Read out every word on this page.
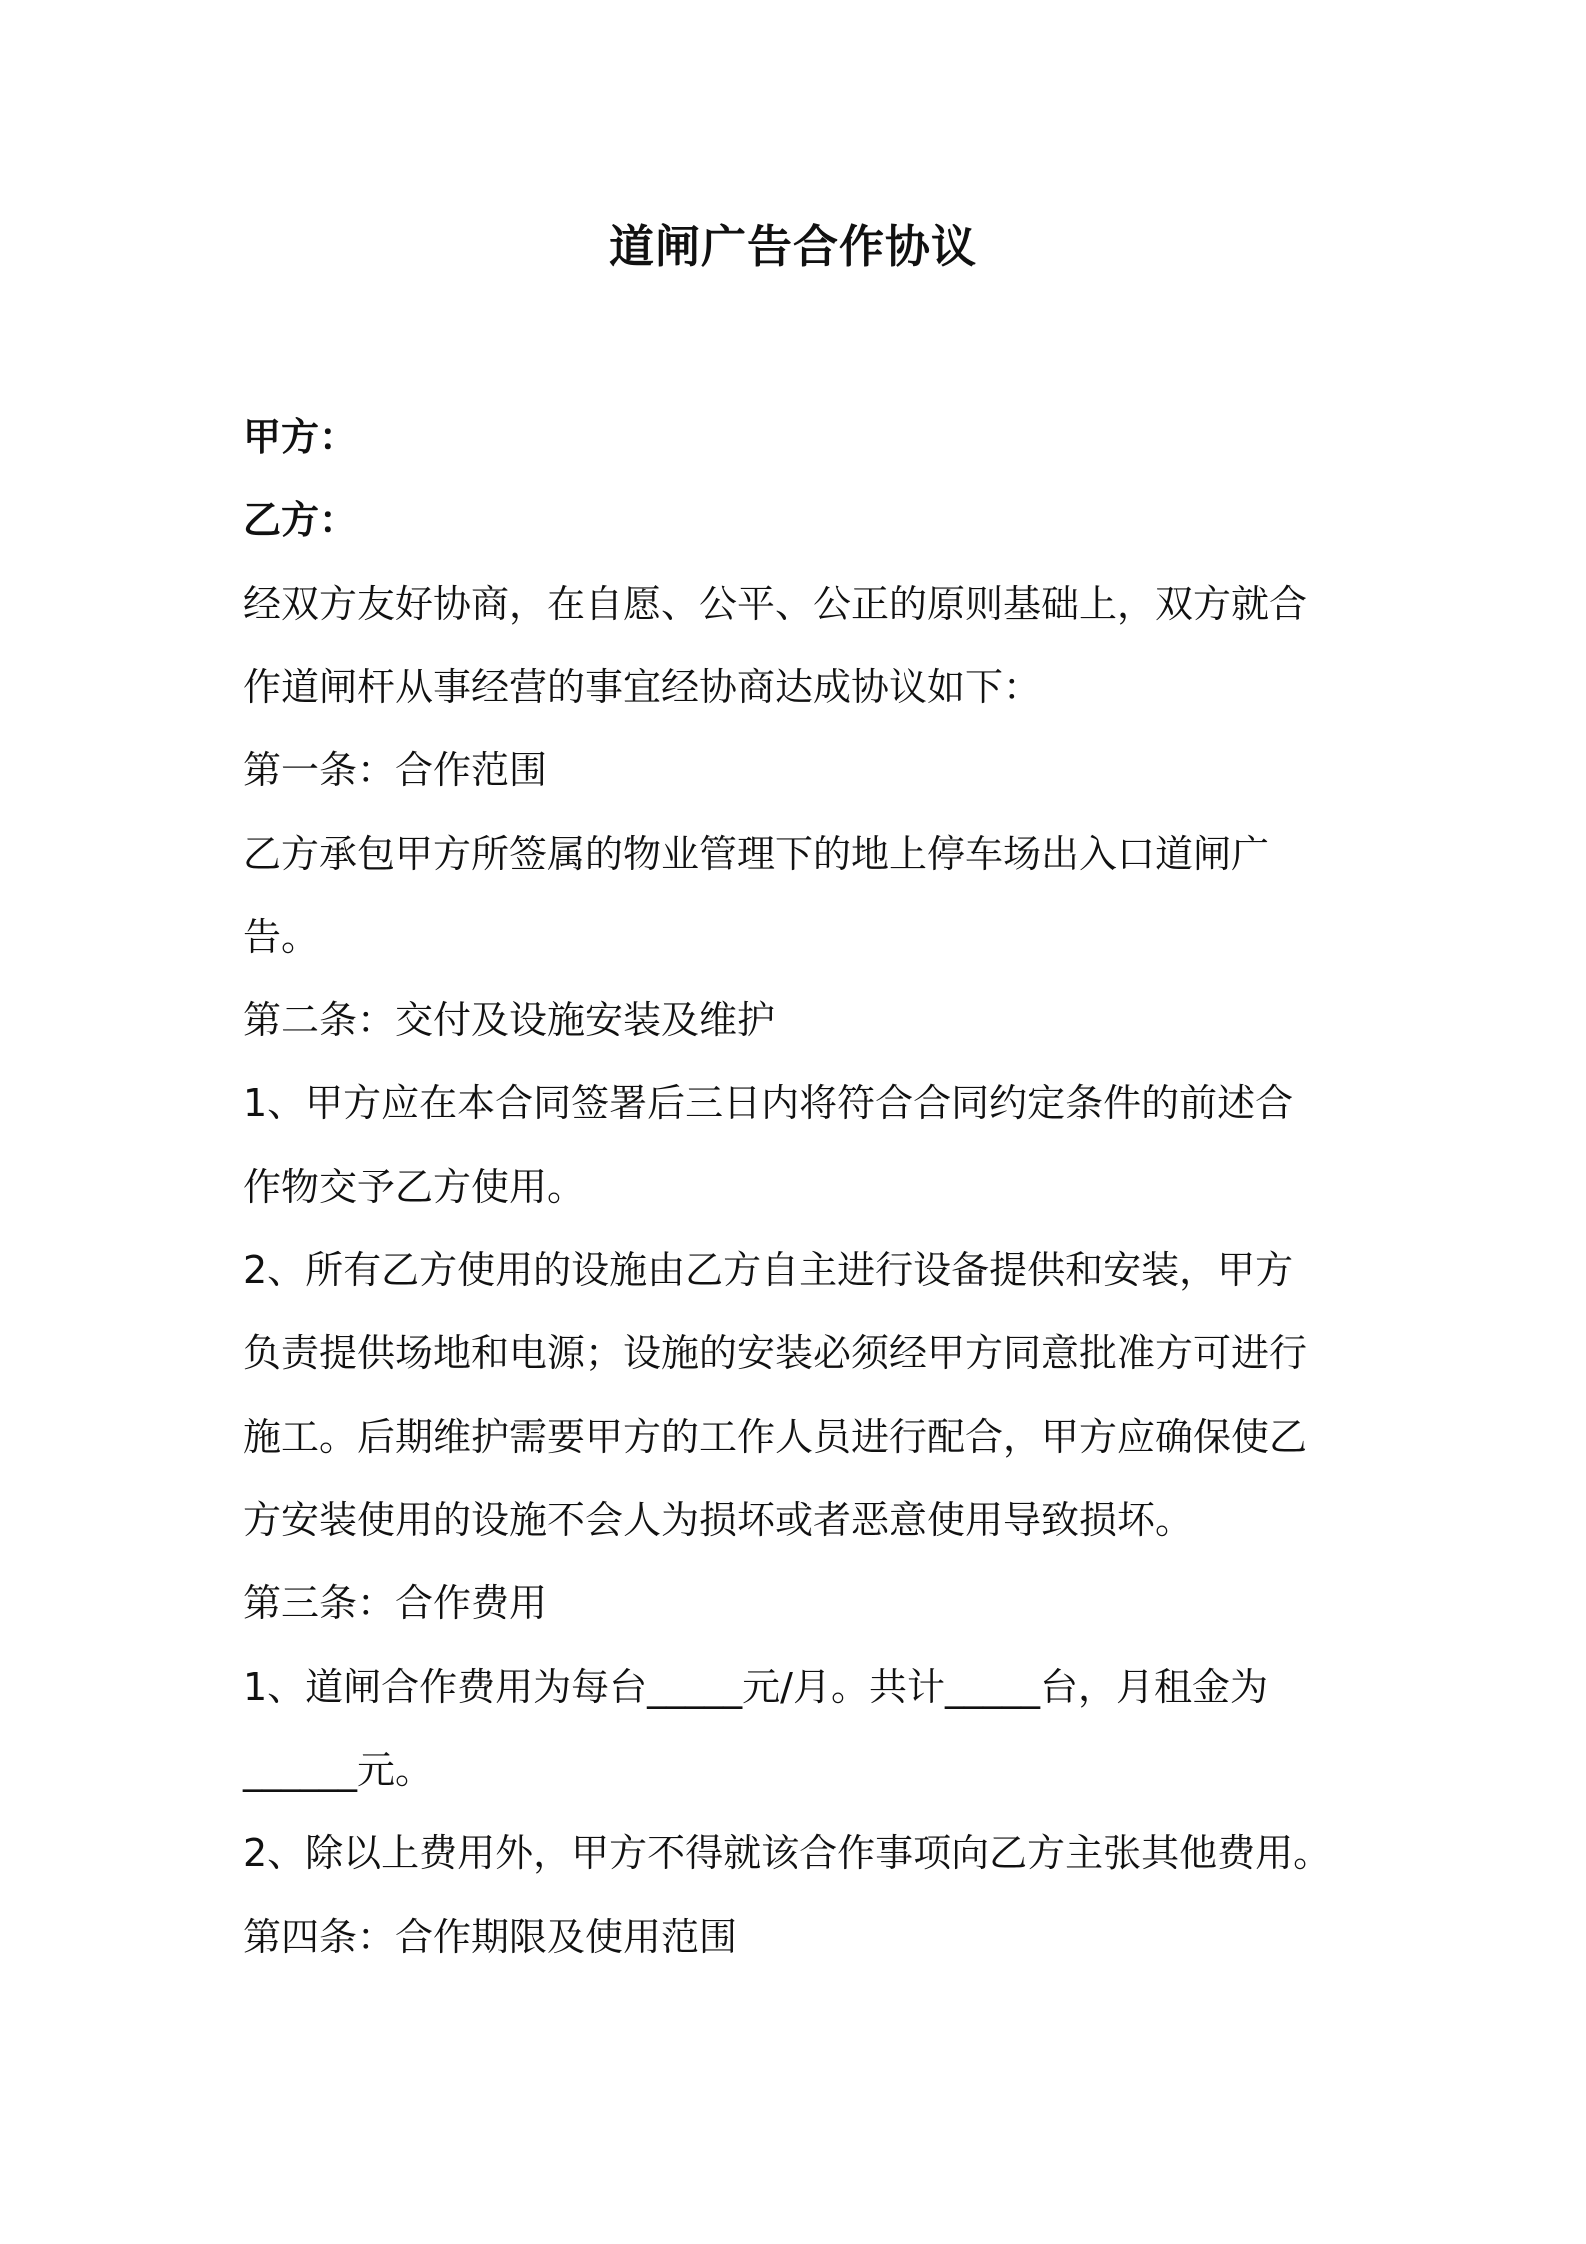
道闸广告合作协议

甲方：

乙方：

经双方友好协商，在自愿、公平、公正的原则基础上，双方就合

作道闸杆从事经营的事宜经协商达成协议如下：

第一条：合作范围

乙方承包甲方所签属的物业管理下的地上停车场出入口道闸广

告。

第二条：交付及设施安装及维护

1、甲方应在本合同签署后三日内将符合合同约定条件的前述合

作物交予乙方使用。

2、所有乙方使用的设施由乙方自主进行设备提供和安装，甲方

负责提供场地和电源；设施的安装必须经甲方同意批准方可进行

施工。后期维护需要甲方的工作人员进行配合，甲方应确保使乙

方安装使用的设施不会人为损坏或者恶意使用导致损坏。

第三条：合作费用

1、道闸合作费用为每台_____元/月。共计_____台，月租金为

______元。

2、除以上费用外，甲方不得就该合作事项向乙方主张其他费用。

第四条：合作期限及使用范围
